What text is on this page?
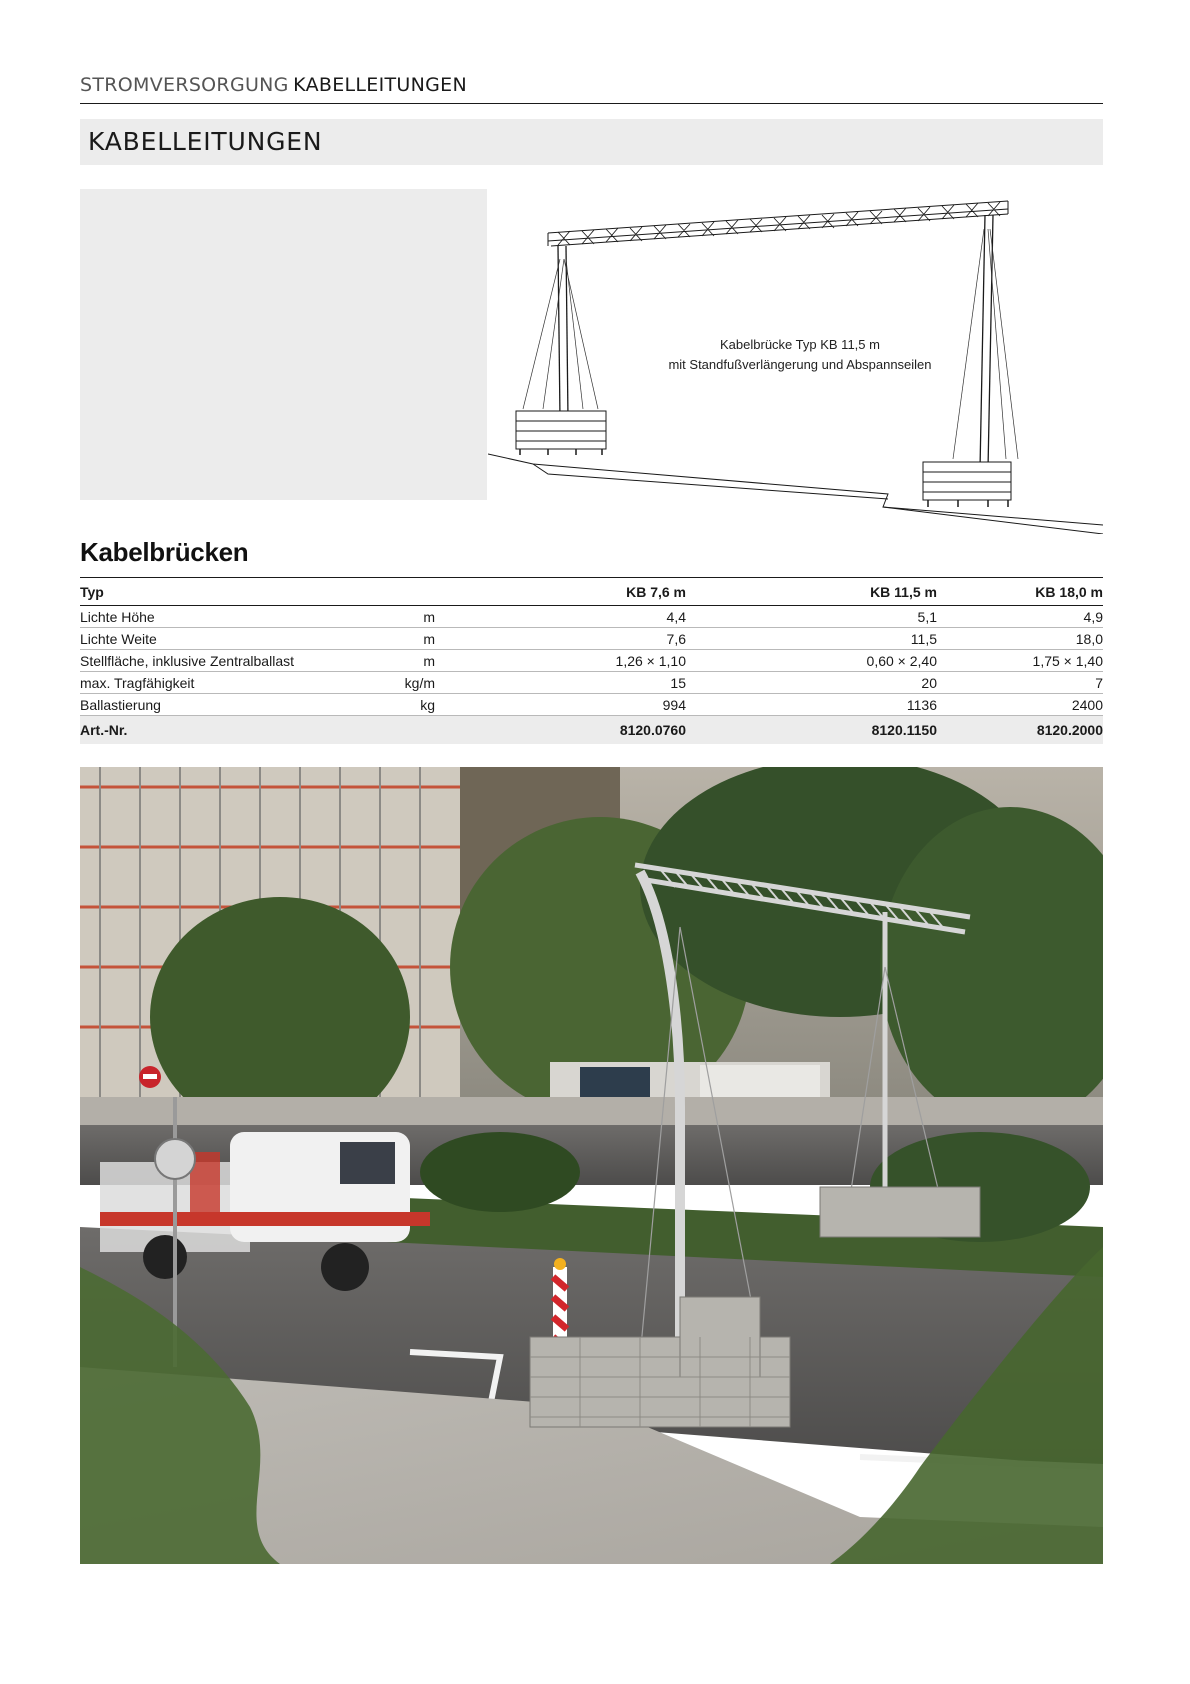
STROMVERSORGUNG KABELLEITUNGEN
KABELLEITUNGEN
Kabelbrücke Typ KB 11,5 m
mit Standfußverlängerung und Abspannseilen
Kabelbrücken
Typ		KB 7,6 m	KB 11,5 m	KB 18,0 m
Lichte Höhe	m	4,4	5,1	4,9
Lichte Weite	m	7,6	11,5	18,0
Stellfläche, inklusive Zentralballast	m	1,26 × 1,10	0,60 × 2,40	1,75 × 1,40
max. Tragfähigkeit	kg/m	15	20	7
Ballastierung	kg	994	1136	2400
Art.-Nr.		8120.0760	8120.1150	8120.2000
